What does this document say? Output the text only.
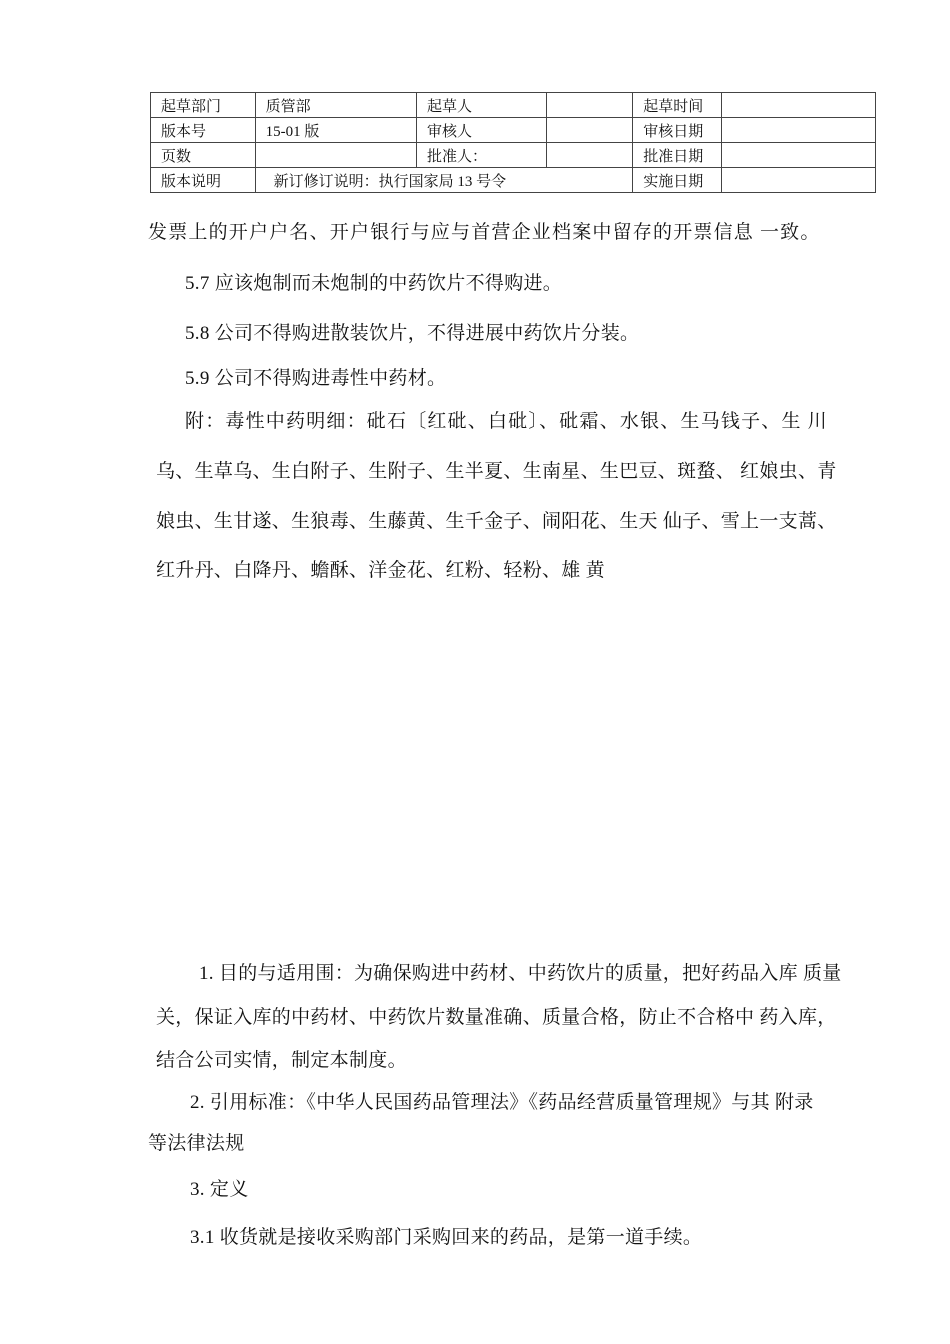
起草部门	质管部	起草人		起草时间	
版本号	15-01 版	审核人		审核日期	
页数		批准人：		批准日期	
版本说明	新订修订说明：执行国家局 13 号令			实施日期	

发票上的开户户名、开户银行与应与首营企业档案中留存的开票信息 一致。

5.7 应该炮制而未炮制的中药饮片不得购进。

5.8 公司不得购进散装饮片，不得进展中药饮片分装。

5.9 公司不得购进毒性中药材。

附：毒性中药明细：砒石〔红砒、白砒〕、砒霜、水银、生马钱子、生 川

乌、生草乌、生白附子、生附子、生半夏、生南星、生巴豆、斑蝥、 红娘虫、青

娘虫、生甘遂、生狼毒、生藤黄、生千金子、闹阳花、生天 仙子、雪上一支蒿、

红升丹、白降丹、蟾酥、洋金花、红粉、轻粉、雄 黄

1. 目的与适用围：为确保购进中药材、中药饮片的质量，把好药品入库 质量

关，保证入库的中药材、中药饮片数量准确、质量合格，防止不合格中 药入库，

结合公司实情，制定本制度。

2. 引用标准：《中华人民国药品管理法》《药品经营质量管理规》与其 附录

等法律法规

3. 定义

3.1 收货就是接收采购部门采购回来的药品，是第一道手续。
